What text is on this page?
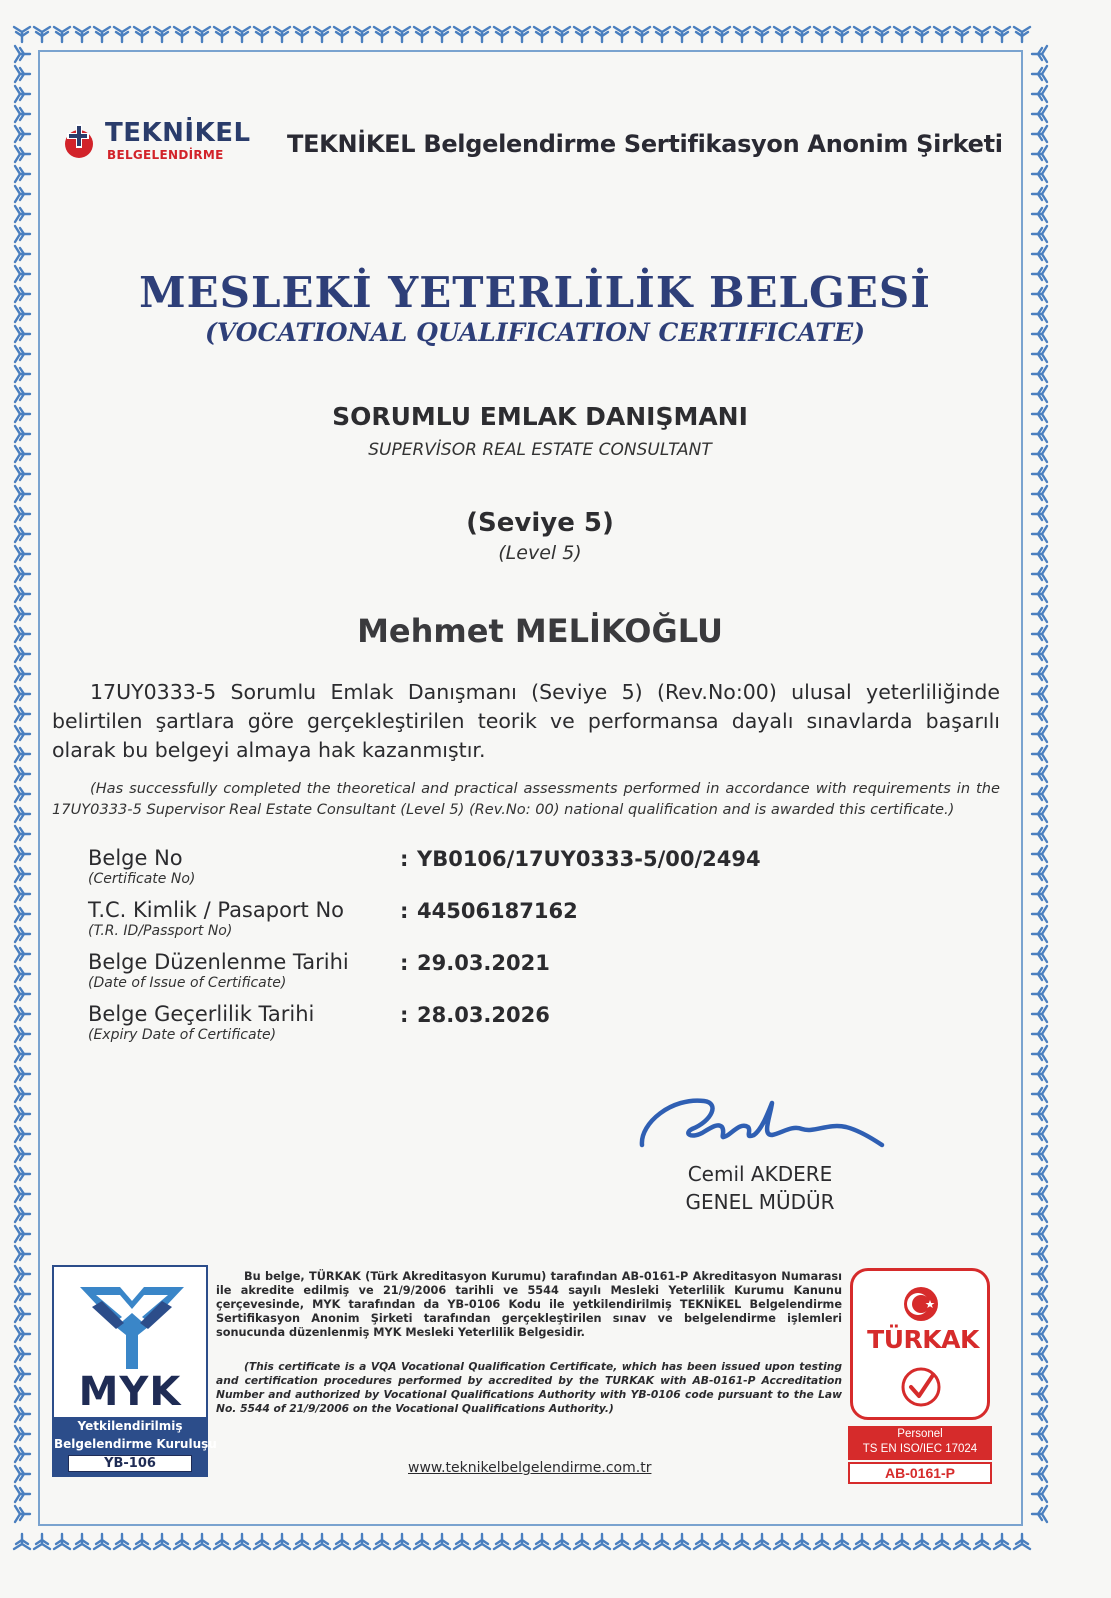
TEKNİKEL
BELGELENDİRME	TEKNİKEL Belgelendirme Sertifikasyon Anonim Şirketi
MESLEKİ YETERLİLİK BELGESİ
(VOCATIONAL QUALIFICATION CERTIFICATE)
SORUMLU EMLAK DANIŞMANI
SUPERVİSOR REAL ESTATE CONSULTANT
(Seviye 5)
(Level 5)
Mehmet MELİKOĞLU
17UY0333-5 Sorumlu Emlak Danışmanı (Seviye 5) (Rev.No:00) ulusal yeterliliğinde belirtilen şartlara göre gerçekleştirilen teorik ve performansa dayalı sınavlarda başarılı olarak bu belgeyi almaya hak kazanmıştır.
(Has successfully completed the theoretical and practical assessments performed in accordance with requirements in the 17UY0333-5 Supervisor Real Estate Consultant (Level 5) (Rev.No: 00) national qualification and is awarded this certificate.)
Belge No
(Certificate No)
: YB0106/17UY0333-5/00/2494
T.C. Kimlik / Pasaport No
(T.R. ID/Passport No)
: 44506187162
Belge Düzenlenme Tarihi
(Date of Issue of Certificate)
: 29.03.2021
Belge Geçerlilik Tarihi
(Expiry Date of Certificate)
: 28.03.2026
Cemil AKDERE
GENEL MÜDÜR
MYK
Yetkilendirilmiş
Belgelendirme Kuruluşu
YB-106
Bu belge, TÜRKAK (Türk Akreditasyon Kurumu) tarafından AB-0161-P Akreditasyon Numarası ile akredite edilmiş ve 21/9/2006 tarihli ve 5544 sayılı Mesleki Yeterlilik Kurumu Kanunu çerçevesinde, MYK tarafından da YB-0106 Kodu ile yetkilendirilmiş TEKNİKEL Belgelendirme Sertifikasyon Anonim Şirketi tarafından gerçekleştirilen sınav ve belgelendirme işlemleri sonucunda düzenlenmiş MYK Mesleki Yeterlilik Belgesidir.
(This certificate is a VQA Vocational Qualification Certificate, which has been issued upon testing and certification procedures performed by accredited by the TURKAK with AB-0161-P Accreditation Number and authorized by Vocational Qualifications Authority with YB-0106 code pursuant to the Law No. 5544 of 21/9/2006 on the Vocational Qualifications Authority.)
www.teknikelbelgelendirme.com.tr
TÜRKAK
Personel
TS EN ISO/IEC 17024
AB-0161-P
